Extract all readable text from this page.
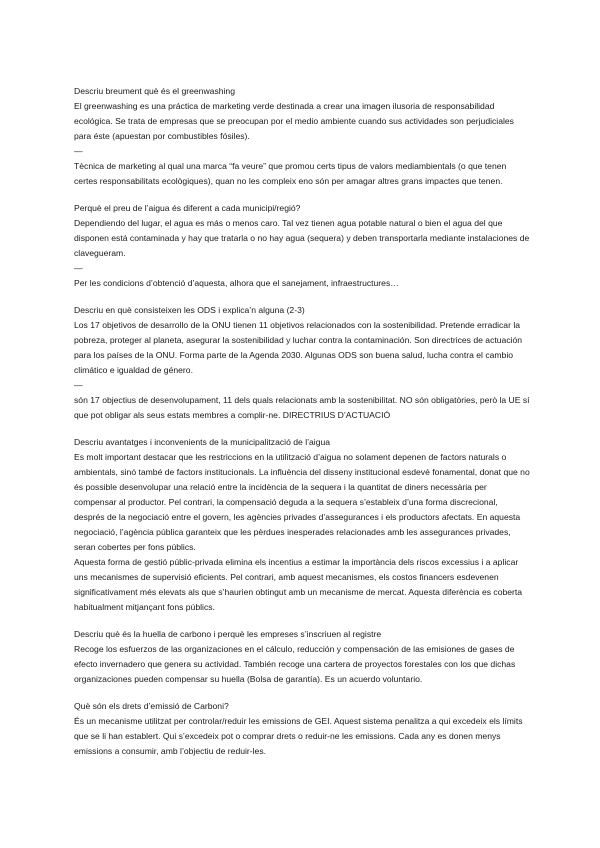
Descriu breument què és el greenwashing

El greenwashing es una práctica de marketing verde destinada a crear una imagen ilusoria de responsabilidad ecológica. Se trata de empresas que se preocupan por el medio ambiente cuando sus actividades son perjudiciales para éste (apuestan por combustibles fósiles).

—

Tècnica de marketing al qual una marca “fa veure” que promou certs tipus de valors mediambientals (o que tenen certes responsabilitats ecològiques), quan no les compleix eno són per amagar altres grans impactes que tenen.

Perquè el preu de l’aigua és diferent a cada municipi/regió?

Dependiendo del lugar, el agua es más o menos caro. Tal vez tienen agua potable natural o bien el agua del que disponen está contaminada y hay que tratarla o no hay agua (sequera) y deben transportarla mediante instalaciones de clavegueram.

—

Per les condicions d’obtenció d’aquesta, alhora que el sanejament, infraestructures…

Descriu en què consisteixen les ODS i explica’n alguna (2-3)

Los 17 objetivos de desarrollo de la ONU tienen 11 objetivos relacionados con la sostenibilidad. Pretende erradicar la pobreza, proteger al planeta, asegurar la sostenibilidad y luchar contra la contaminación. Son directrices de actuación para los países de la ONU. Forma parte de la Agenda 2030. Algunas ODS son buena salud, lucha contra el cambio climático e igualdad de género.

—

són 17 objectius de desenvolupament, 11 dels quals relacionats amb la sostenibilitat. NO són obligatòries, però la UE sí que pot obligar als seus estats membres a complir-ne. DIRECTRIUS D’ACTUACIÓ

Descriu avantatges i inconvenients de la municipalització de l’aigua

Es molt important destacar que les restriccions en la utilització d’aigua no solament depenen de factors naturals o ambientals, sinó també de factors institucionals. La influència del disseny institucional esdevé fonamental, donat que no és possible desenvolupar una relació entre la incidència de la sequera i la quantitat de diners necessària per compensar al productor. Pel contrari, la compensació deguda a la sequera s’estableix d’una forma discrecional, després de la negociació entre el govern, les agències privades d’assegurances i els productors afectats. En aquesta negociació, l’agència pública garanteix que les pèrdues inesperades relacionades amb les assegurances privades, seran cobertes per fons públics.

Aquesta forma de gestió públic-privada elimina els incentius a estimar la importància dels riscos excessius i a aplicar uns mecanismes de supervisió eficients. Pel contrari, amb aquest mecanismes, els costos financers esdevenen significativament més elevats als que s’haurien obtingut amb un mecanisme de mercat. Aquesta diferència es coberta habitualment mitjançant fons públics.

Descriu què és la huella de carbono i perquè les empreses s’inscriuen al registre

Recoge los esfuerzos de las organizaciones en el cálculo, reducción y compensación de las emisiones de gases de efecto invernadero que genera su actividad. También recoge una cartera de proyectos forestales con los que dichas organizaciones pueden compensar su huella (Bolsa de garantía). Es un acuerdo voluntario.

Què són els drets d’emissió de Carboni?

És un mecanisme utilitzat per controlar/reduir les emissions de GEI. Aquest sistema penalitza a qui excedeix els límits que se li han establert. Qui s’excedeix pot o comprar drets o reduir-ne les emissions. Cada any es donen menys emissions a consumir, amb l’objectiu de reduir-les.
